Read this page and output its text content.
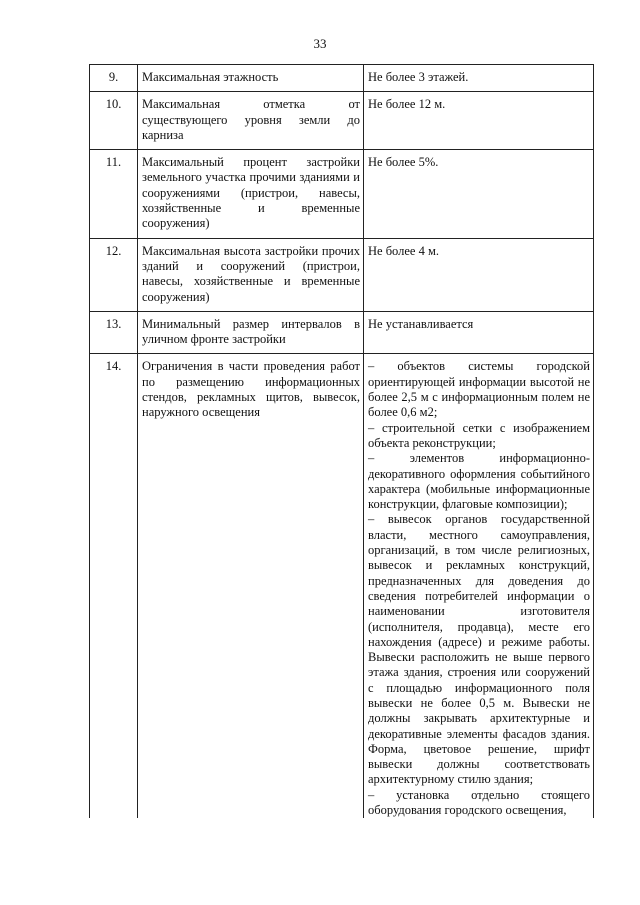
33
9.	Максимальная этажность	Не более 3 этажей.
10.	Максимальная отметка от существующего уровня земли до карниза	Не более 12 м.
11.	Максимальный процент застройки земельного участка прочими зданиями и сооружениями (пристрои, навесы, хозяйственные и временные сооружения)	Не более 5%.
12.	Максимальная высота застройки прочих зданий и сооружений (пристрои, навесы, хозяйственные и временные сооружения)	Не более 4 м.
13.	Минимальный размер интервалов в уличном фронте застройки	Не устанавливается
14.	Ограничения в части проведения работ по размещению информационных стендов, рекламных щитов, вывесок, наружного освещения	– объектов системы городской ориентирующей информации высотой не более 2,5 м с информационным полем не более 0,6 м2;
– строительной сетки с изображением объекта реконструкции;
– элементов информационно-декоративного оформления событийного характера (мобильные информационные конструкции, флаговые композиции);
– вывесок органов государственной власти, местного самоуправления, организаций, в том числе религиозных, вывесок и рекламных конструкций, предназначенных для доведения до сведения потребителей информации о наименовании изготовителя (исполнителя, продавца), месте его нахождения (адресе) и режиме работы. Вывески расположить не выше первого этажа здания, строения или сооружений с площадью информационного поля вывески не более 0,5 м. Вывески не должны закрывать архитектурные и декоративные элементы фасадов здания. Форма, цветовое решение, шрифт вывески должны соответствовать архитектурному стилю здания;
– установка отдельно стоящего оборудования городского освещения,
